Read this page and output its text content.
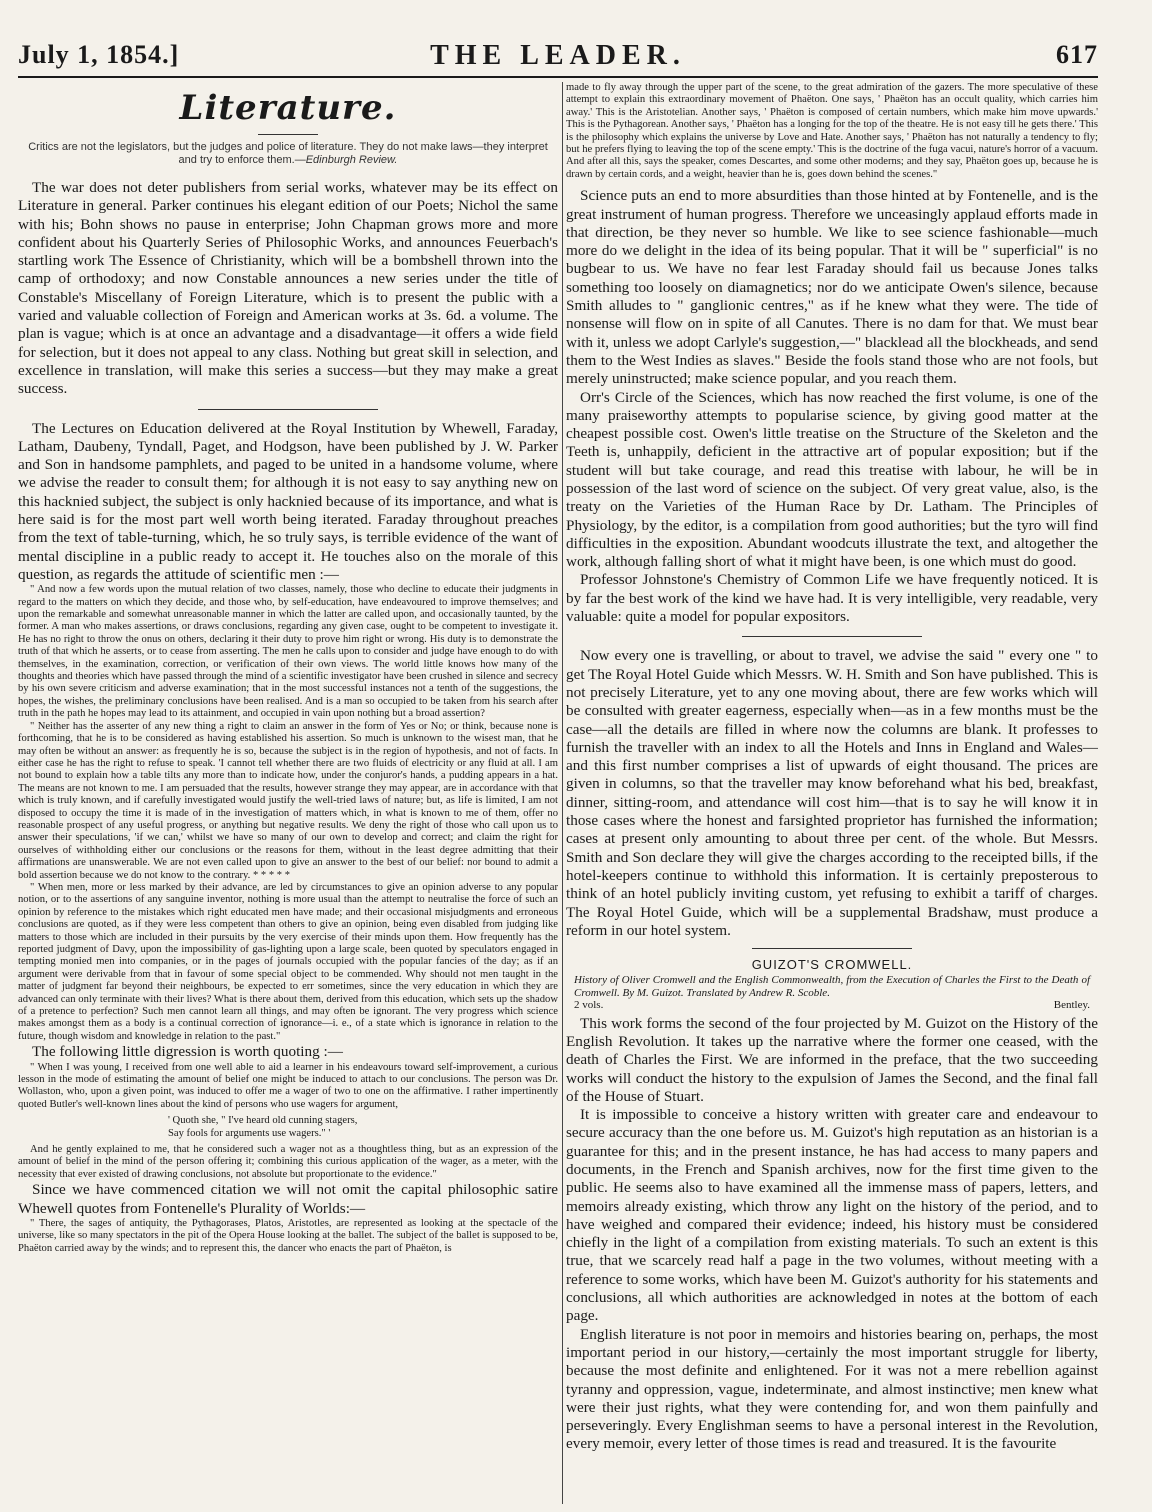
July 1, 1854.]	THE LEADER.	617
Literature.
Critics are not the legislators, but the judges and police of literature. They do not make laws—they interpret and try to enforce them.—Edinburgh Review.

The war does not deter publishers from serial works, whatever may be its effect on Literature in general. Parker continues his elegant edition of our Poets; Nichol the same with his; Bohn shows no pause in enterprise; John Chapman grows more and more confident about his Quarterly Series of Philosophic Works, and announces Feuerbach's startling work The Essence of Christianity, which will be a bombshell thrown into the camp of orthodoxy; and now Constable announces a new series under the title of Constable's Miscellany of Foreign Literature, which is to present the public with a varied and valuable collection of Foreign and American works at 3s. 6d. a volume. The plan is vague; which is at once an advantage and a disadvantage—it offers a wide field for selection, but it does not appeal to any class. Nothing but great skill in selection, and excellence in translation, will make this series a success—but they may make a great success.

The Lectures on Education delivered at the Royal Institution by Whewell, Faraday, Latham, Daubeny, Tyndall, Paget, and Hodgson, have been published by J. W. Parker and Son in handsome pamphlets, and paged to be united in a handsome volume, where we advise the reader to consult them; for although it is not easy to say anything new on this hacknied subject, the subject is only hacknied because of its importance, and what is here said is for the most part well worth being iterated. Faraday throughout preaches from the text of table-turning, which, he so truly says, is terrible evidence of the want of mental discipline in a public ready to accept it. He touches also on the morale of this question, as regards the attitude of scientific men :—

" And now a few words upon the mutual relation of two classes, namely, those who decline to educate their judgments in regard to the matters on which they decide, and those who, by self-education, have endeavoured to improve themselves; and upon the remarkable and somewhat unreasonable manner in which the latter are called upon, and occasionally taunted, by the former. A man who makes assertions, or draws conclusions, regarding any given case, ought to be competent to investigate it. He has no right to throw the onus on others, declaring it their duty to prove him right or wrong. His duty is to demonstrate the truth of that which he asserts, or to cease from asserting. The men he calls upon to consider and judge have enough to do with themselves, in the examination, correction, or verification of their own views. The world little knows how many of the thoughts and theories which have passed through the mind of a scientific investigator have been crushed in silence and secrecy by his own severe criticism and adverse examination; that in the most successful instances not a tenth of the suggestions, the hopes, the wishes, the preliminary conclusions have been realised. And is a man so occupied to be taken from his search after truth in the path he hopes may lead to its attainment, and occupied in vain upon nothing but a broad assertion?

" Neither has the asserter of any new thing a right to claim an answer in the form of Yes or No; or think, because none is forthcoming, that he is to be considered as having established his assertion. So much is unknown to the wisest man, that he may often be without an answer: as frequently he is so, because the subject is in the region of hypothesis, and not of facts. In either case he has the right to refuse to speak. 'I cannot tell whether there are two fluids of electricity or any fluid at all. I am not bound to explain how a table tilts any more than to indicate how, under the conjuror's hands, a pudding appears in a hat. The means are not known to me. I am persuaded that the results, however strange they may appear, are in accordance with that which is truly known, and if carefully investigated would justify the well-tried laws of nature; but, as life is limited, I am not disposed to occupy the time it is made of in the investigation of matters which, in what is known to me of them, offer no reasonable prospect of any useful progress, or anything but negative results. We deny the right of those who call upon us to answer their speculations, 'if we can,' whilst we have so many of our own to develop and correct; and claim the right for ourselves of withholding either our conclusions or the reasons for them, without in the least degree admitting that their affirmations are unanswerable. We are not even called upon to give an answer to the best of our belief: nor bound to admit a bold assertion because we do not know to the contrary. * * * * *

" When men, more or less marked by their advance, are led by circumstances to give an opinion adverse to any popular notion, or to the assertions of any sanguine inventor, nothing is more usual than the attempt to neutralise the force of such an opinion by reference to the mistakes which right educated men have made; and their occasional misjudgments and erroneous conclusions are quoted, as if they were less competent than others to give an opinion, being even disabled from judging like matters to those which are included in their pursuits by the very exercise of their minds upon them. How frequently has the reported judgment of Davy, upon the impossibility of gas-lighting upon a large scale, been quoted by speculators engaged in tempting monied men into companies, or in the pages of journals occupied with the popular fancies of the day; as if an argument were derivable from that in favour of some special object to be commended. Why should not men taught in the matter of judgment far beyond their neighbours, be expected to err sometimes, since the very education in which they are advanced can only terminate with their lives? What is there about them, derived from this education, which sets up the shadow of a pretence to perfection? Such men cannot learn all things, and may often be ignorant. The very progress which science makes amongst them as a body is a continual correction of ignorance—i. e., of a state which is ignorance in relation to the future, though wisdom and knowledge in relation to the past."

The following little digression is worth quoting :—

" When I was young, I received from one well able to aid a learner in his endeavours toward self-improvement, a curious lesson in the mode of estimating the amount of belief one might be induced to attach to our conclusions. The person was Dr. Wollaston, who, upon a given point, was induced to offer me a wager of two to one on the affirmative. I rather impertinently quoted Butler's well-known lines about the kind of persons who use wagers for argument,

' Quoth she, " I've heard old cunning stagers,
Say fools for arguments use wagers." '

And he gently explained to me, that he considered such a wager not as a thoughtless thing, but as an expression of the amount of belief in the mind of the person offering it; combining this curious application of the wager, as a meter, with the necessity that ever existed of drawing conclusions, not absolute but proportionate to the evidence."

Since we have commenced citation we will not omit the capital philosophic satire Whewell quotes from Fontenelle's Plurality of Worlds:—

" There, the sages of antiquity, the Pythagorases, Platos, Aristotles, are represented as looking at the spectacle of the universe, like so many spectators in the pit of the Opera House looking at the ballet. The subject of the ballet is supposed to be, Phaëton carried away by the winds; and to represent this, the dancer who enacts the part of Phaëton, is

made to fly away through the upper part of the scene, to the great admiration of the gazers. The more speculative of these attempt to explain this extraordinary movement of Phaëton. One says, ' Phaëton has an occult quality, which carries him away.' This is the Aristotelian. Another says, ' Phaëton is composed of certain numbers, which make him move upwards.' This is the Pythagorean. Another says, ' Phaëton has a longing for the top of the theatre. He is not easy till he gets there.' This is the philosophy which explains the universe by Love and Hate. Another says, ' Phaëton has not naturally a tendency to fly; but he prefers flying to leaving the top of the scene empty.' This is the doctrine of the fuga vacui, nature's horror of a vacuum. And after all this, says the speaker, comes Descartes, and some other moderns; and they say, Phaëton goes up, because he is drawn by certain cords, and a weight, heavier than he is, goes down behind the scenes."

Science puts an end to more absurdities than those hinted at by Fontenelle, and is the great instrument of human progress. Therefore we unceasingly applaud efforts made in that direction, be they never so humble. We like to see science fashionable—much more do we delight in the idea of its being popular. That it will be " superficial" is no bugbear to us. We have no fear lest Faraday should fail us because Jones talks something too loosely on diamagnetics; nor do we anticipate Owen's silence, because Smith alludes to " ganglionic centres," as if he knew what they were. The tide of nonsense will flow on in spite of all Canutes. There is no dam for that. We must bear with it, unless we adopt Carlyle's suggestion,—" blacklead all the blockheads, and send them to the West Indies as slaves." Beside the fools stand those who are not fools, but merely uninstructed; make science popular, and you reach them.

Orr's Circle of the Sciences, which has now reached the first volume, is one of the many praiseworthy attempts to popularise science, by giving good matter at the cheapest possible cost. Owen's little treatise on the Structure of the Skeleton and the Teeth is, unhappily, deficient in the attractive art of popular exposition; but if the student will but take courage, and read this treatise with labour, he will be in possession of the last word of science on the subject. Of very great value, also, is the treaty on the Varieties of the Human Race by Dr. Latham. The Principles of Physiology, by the editor, is a compilation from good authorities; but the tyro will find difficulties in the exposition. Abundant woodcuts illustrate the text, and altogether the work, although falling short of what it might have been, is one which must do good.

Professor Johnstone's Chemistry of Common Life we have frequently noticed. It is by far the best work of the kind we have had. It is very intelligible, very readable, very valuable: quite a model for popular expositors.

Now every one is travelling, or about to travel, we advise the said " every one " to get The Royal Hotel Guide which Messrs. W. H. Smith and Son have published. This is not precisely Literature, yet to any one moving about, there are few works which will be consulted with greater eagerness, especially when—as in a few months must be the case—all the details are filled in where now the columns are blank. It professes to furnish the traveller with an index to all the Hotels and Inns in England and Wales—and this first number comprises a list of upwards of eight thousand. The prices are given in columns, so that the traveller may know beforehand what his bed, breakfast, dinner, sitting-room, and attendance will cost him—that is to say he will know it in those cases where the honest and farsighted proprietor has furnished the information; cases at present only amounting to about three per cent. of the whole. But Messrs. Smith and Son declare they will give the charges according to the receipted bills, if the hotel-keepers continue to withhold this information. It is certainly preposterous to think of an hotel publicly inviting custom, yet refusing to exhibit a tariff of charges. The Royal Hotel Guide, which will be a supplemental Bradshaw, must produce a reform in our hotel system.

GUIZOT'S CROMWELL.
History of Oliver Cromwell and the English Commonwealth, from the Execution of Charles the First to the Death of Cromwell. By M. Guizot. Translated by Andrew R. Scoble.
2 vols.	Bentley.

This work forms the second of the four projected by M. Guizot on the History of the English Revolution. It takes up the narrative where the former one ceased, with the death of Charles the First. We are informed in the preface, that the two succeeding works will conduct the history to the expulsion of James the Second, and the final fall of the House of Stuart.

It is impossible to conceive a history written with greater care and endeavour to secure accuracy than the one before us. M. Guizot's high reputation as an historian is a guarantee for this; and in the present instance, he has had access to many papers and documents, in the French and Spanish archives, now for the first time given to the public. He seems also to have examined all the immense mass of papers, letters, and memoirs already existing, which throw any light on the history of the period, and to have weighed and compared their evidence; indeed, his history must be considered chiefly in the light of a compilation from existing materials. To such an extent is this true, that we scarcely read half a page in the two volumes, without meeting with a reference to some works, which have been M. Guizot's authority for his statements and conclusions, all which authorities are acknowledged in notes at the bottom of each page.

English literature is not poor in memoirs and histories bearing on, perhaps, the most important period in our history,—certainly the most important struggle for liberty, because the most definite and enlightened. For it was not a mere rebellion against tyranny and oppression, vague, indeterminate, and almost instinctive; men knew what were their just rights, what they were contending for, and won them painfully and perseveringly. Every Englishman seems to have a personal interest in the Revolution, every memoir, every letter of those times is read and treasured. It is the favourite
